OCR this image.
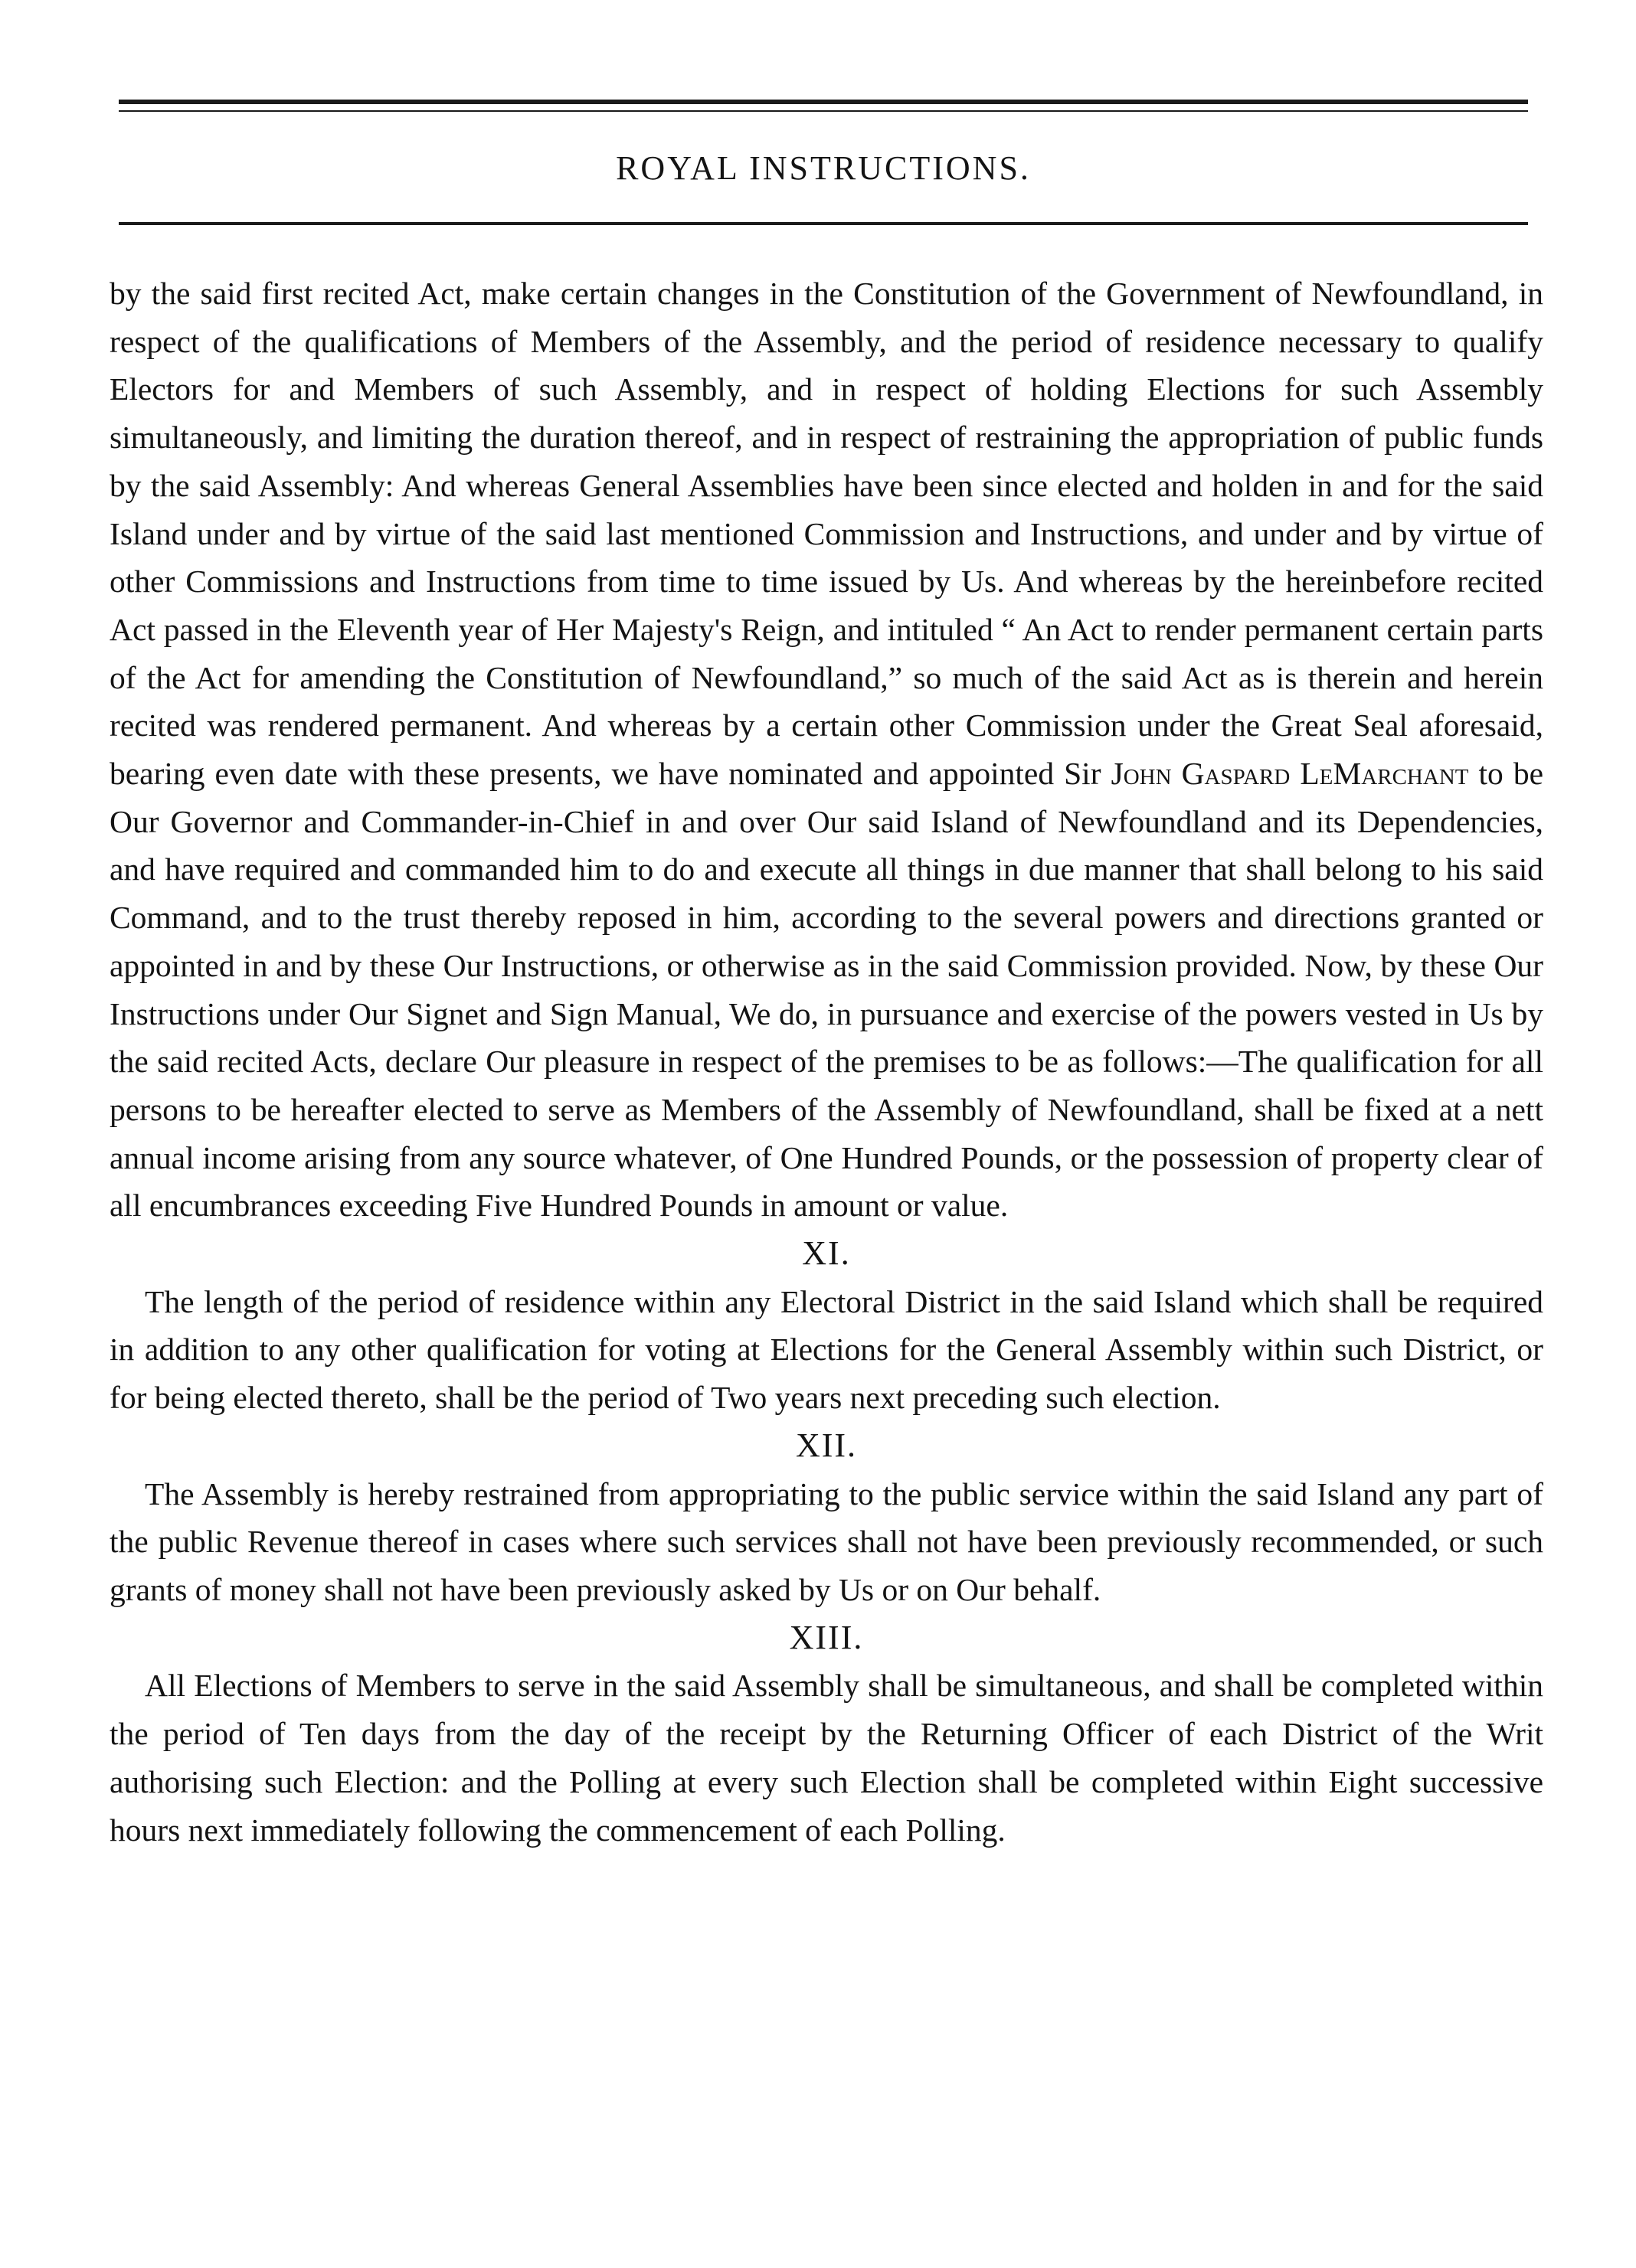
ROYAL INSTRUCTIONS.

by the said first recited Act, make certain changes in the Constitution of the Government of Newfoundland, in respect of the qualifications of Members of the Assembly, and the period of residence necessary to qualify Electors for and Members of such Assembly, and in respect of holding Elections for such Assembly simultaneously, and limiting the duration thereof, and in respect of restraining the appropriation of public funds by the said Assembly: And whereas General Assemblies have been since elected and holden in and for the said Island under and by virtue of the said last mentioned Commission and Instructions, and under and by virtue of other Commissions and Instructions from time to time issued by Us. And whereas by the hereinbefore recited Act passed in the Eleventh year of Her Majesty's Reign, and intituled “ An Act to render permanent certain parts of the Act for amending the Constitution of Newfoundland,” so much of the said Act as is therein and herein recited was rendered permanent. And whereas by a certain other Commission under the Great Seal aforesaid, bearing even date with these presents, we have nominated and appointed Sir John Gaspard LeMarchant to be Our Governor and Commander-in-Chief in and over Our said Island of Newfoundland and its Dependencies, and have required and commanded him to do and execute all things in due manner that shall belong to his said Command, and to the trust thereby reposed in him, according to the several powers and directions granted or appointed in and by these Our Instructions, or otherwise as in the said Commission provided. Now, by these Our Instructions under Our Signet and Sign Manual, We do, in pursuance and exercise of the powers vested in Us by the said recited Acts, declare Our pleasure in respect of the premises to be as follows:—The qualification for all persons to be hereafter elected to serve as Members of the Assembly of Newfoundland, shall be fixed at a nett annual income arising from any source whatever, of One Hundred Pounds, or the possession of property clear of all encumbrances exceeding Five Hundred Pounds in amount or value.

XI.

The length of the period of residence within any Electoral District in the said Island which shall be required in addition to any other qualification for voting at Elections for the General Assembly within such District, or for being elected thereto, shall be the period of Two years next preceding such election.

XII.

The Assembly is hereby restrained from appropriating to the public service within the said Island any part of the public Revenue thereof in cases where such services shall not have been previously recommended, or such grants of money shall not have been previously asked by Us or on Our behalf.

XIII.

All Elections of Members to serve in the said Assembly shall be simultaneous, and shall be completed within the period of Ten days from the day of the receipt by the Returning Officer of each District of the Writ authorising such Election: and the Polling at every such Election shall be completed within Eight successive hours next immediately following the commencement of each Polling.
